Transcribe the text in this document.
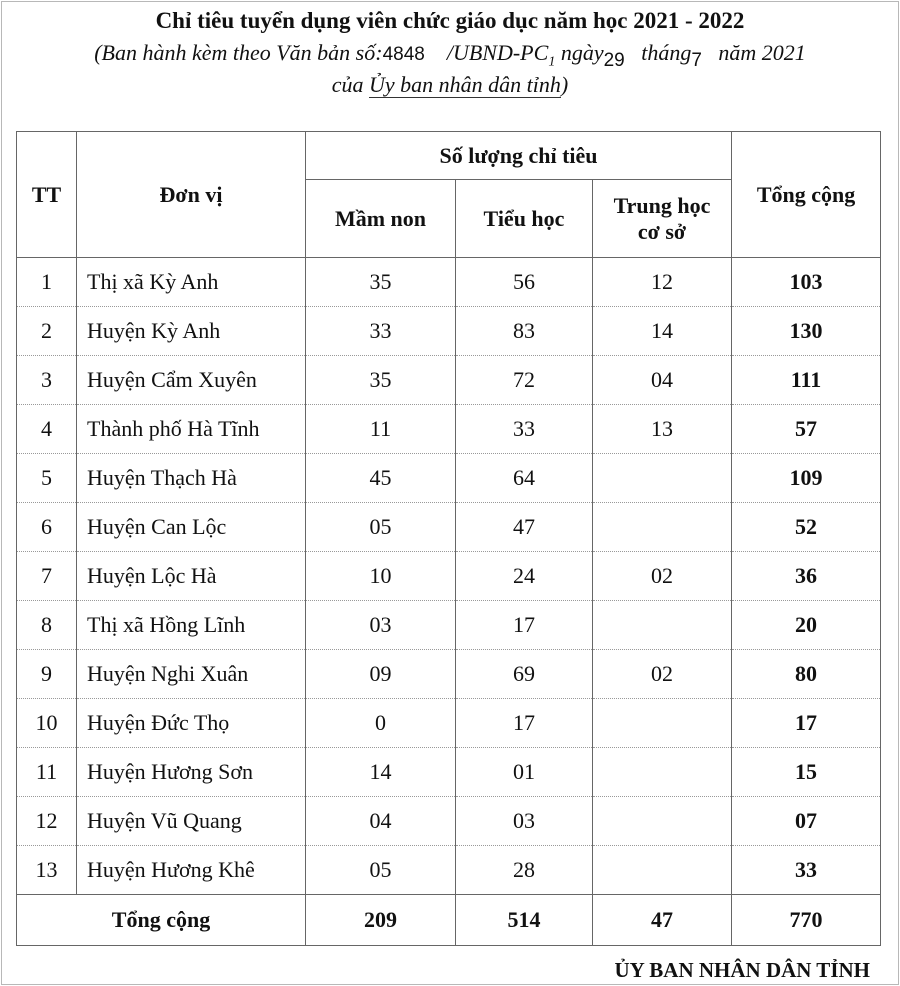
Chỉ tiêu tuyển dụng viên chức giáo dục năm học 2021 - 2022
(Ban hành kèm theo Văn bản số:4848 $/UBND-PC_1$ ngày29 tháng7 năm 2021
của Ủy ban nhân dân tỉnh)
TT	Đơn vị	Số lượng chỉ tiêu			Tổng cộng
		Mầm non	Tiểu học	Trung học cơ sở	
1	Thị xã Kỳ Anh	35	56	12	103
2	Huyện Kỳ Anh	33	83	14	130
3	Huyện Cẩm Xuyên	35	72	04	111
4	Thành phố Hà Tĩnh	11	33	13	57
5	Huyện Thạch Hà	45	64		109
6	Huyện Can Lộc	05	47		52
7	Huyện Lộc Hà	10	24	02	36
8	Thị xã Hồng Lĩnh	03	17		20
9	Huyện Nghi Xuân	09	69	02	80
10	Huyện Đức Thọ	0	17		17
11	Huyện Hương Sơn	14	01		15
12	Huyện Vũ Quang	04	03		07
13	Huyện Hương Khê	05	28		33
Tổng cộng		209	514	47	770
ỦY BAN NHÂN DÂN TỈNH
